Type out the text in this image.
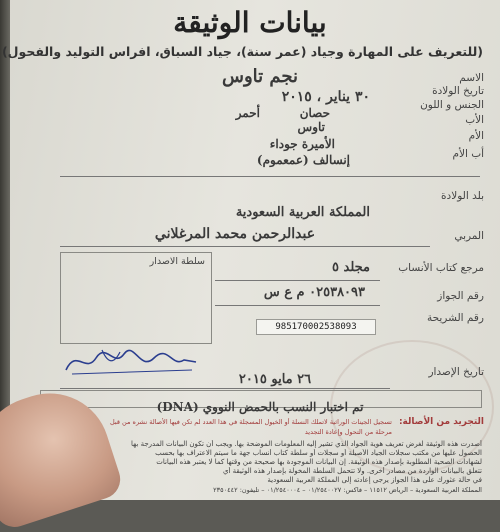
بيانات الوثيقة
(للتعريف على المهارة وجياد (عمر سنة)، جياد السباق، افراس التوليد والفحول)
الاسم
نجم تاوس
تاريخ الولادة
٣٠ يناير ، ٢٠١٥	الجنس و اللون
حصان
أحمر	الأب
تاوس
الأم
الأميرة جوداء
أب الأم
إنسالف (عمعموم)
بلد الولادة
المملكة العربية السعودية
المربي
عبدالرحمن محمد المرغلاني
سلطة الاصدار
مرجع كتاب الأنساب
مجلد ٥
رقم الجواز
٠٢٥٣٨٠٩٣ م ع س
رقم الشريحة
985170002538093
تاريخ الإصدار
٢٦ مايو ٢٠١٥
تم اختبار النسب بالحمض النووي (DNA)
التجريد من الأصالة:
تسجيل الجينات الوراثية لاتملك النسلة أو الخيول المسجلة في هذا العدد لم تكن فيها الأصالة نشره من قبل
مرحلة من التحول وإعادة التجديد
أصدرت هذه الوثيقة لغرض تعريف هوية الجواد الذي تشير إليه المعلومات الموضحة بها. ويجب أن تكون البيانات المدرجة بها
الحصول عليها من مكتب سجلات الجياد الأصيلة أو سجلات أو سلطة كتاب أنساب جهة ما سيتم الاعتراف بها بحسب
لشهادات الصحية المطلوبة بإصدار هذه الوثيقة. إن البيانات الموجودة بها صحيحة من وقتها كما لا يعتبر هذه البيانات
تتعلق بالبيانات الواردة من مصادر أخرى. ولا تتحمل السلطة المخولة بإصدار هذه الوثيقة أي
في حالة عثورك على هذا الجواز يرجى إعادته إلى المملكة العربية السعودية
المملكة العربية السعودية – الرياض ١١٥١٢ – فاكس: ٠١/٢٥٤٠٠٢٧ – ٠١/٢٥٤٠٠٠٤ – تليفون: ٢٣٥٠٤٤٢
